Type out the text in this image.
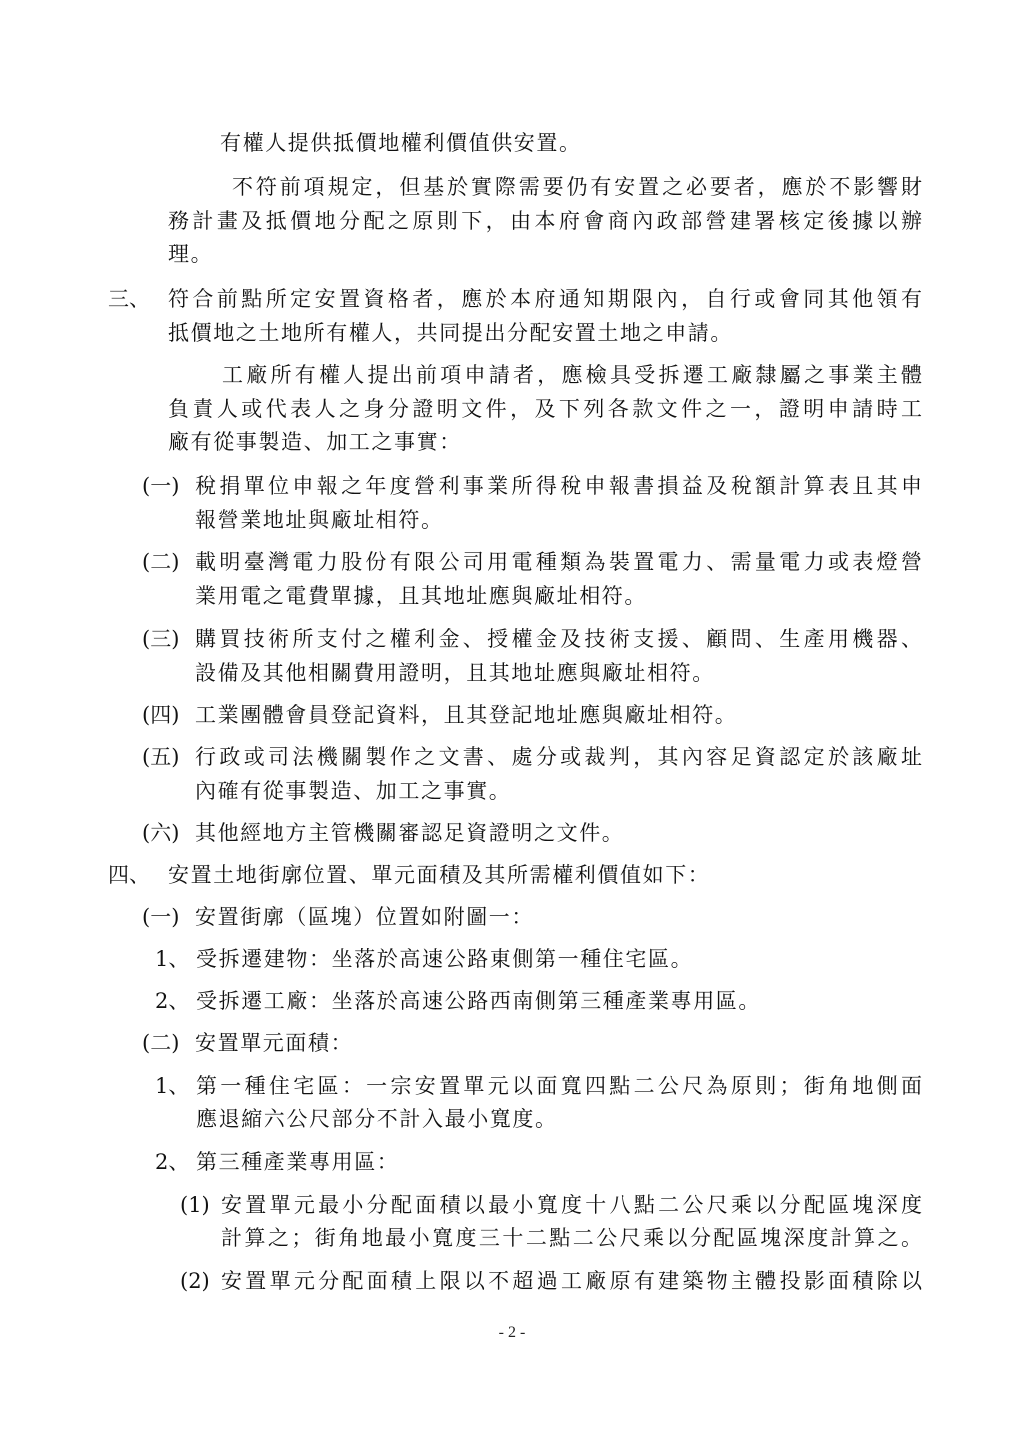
有權人提供抵價地權利價值供安置。
不符前項規定，但基於實際需要仍有安置之必要者，應於不影響財
務計畫及抵價地分配之原則下，由本府會商內政部營建署核定後據以辦
理。
三、 符合前點所定安置資格者，應於本府通知期限內，自行或會同其他領有
抵價地之土地所有權人，共同提出分配安置土地之申請。
工廠所有權人提出前項申請者，應檢具受拆遷工廠隸屬之事業主體
負責人或代表人之身分證明文件，及下列各款文件之一，證明申請時工
廠有從事製造、加工之事實：
(一) 稅捐單位申報之年度營利事業所得稅申報書損益及稅額計算表且其申
報營業地址與廠址相符。
(二) 載明臺灣電力股份有限公司用電種類為裝置電力、需量電力或表燈營
業用電之電費單據，且其地址應與廠址相符。
(三) 購買技術所支付之權利金、授權金及技術支援、顧問、生產用機器、
設備及其他相關費用證明，且其地址應與廠址相符。
(四) 工業團體會員登記資料，且其登記地址應與廠址相符。
(五) 行政或司法機關製作之文書、處分或裁判，其內容足資認定於該廠址
內確有從事製造、加工之事實。
(六) 其他經地方主管機關審認足資證明之文件。
四、 安置土地街廓位置、單元面積及其所需權利價值如下：
(一) 安置街廓（區塊）位置如附圖一：
1、 受拆遷建物：坐落於高速公路東側第一種住宅區。
2、 受拆遷工廠：坐落於高速公路西南側第三種產業專用區。
(二) 安置單元面積：
1、 第一種住宅區：一宗安置單元以面寬四點二公尺為原則；街角地側面
應退縮六公尺部分不計入最小寬度。
2、 第三種產業專用區：
(1) 安置單元最小分配面積以最小寬度十八點二公尺乘以分配區塊深度
計算之；街角地最小寬度三十二點二公尺乘以分配區塊深度計算之。
(2) 安置單元分配面積上限以不超過工廠原有建築物主體投影面積除以
- 2 -
